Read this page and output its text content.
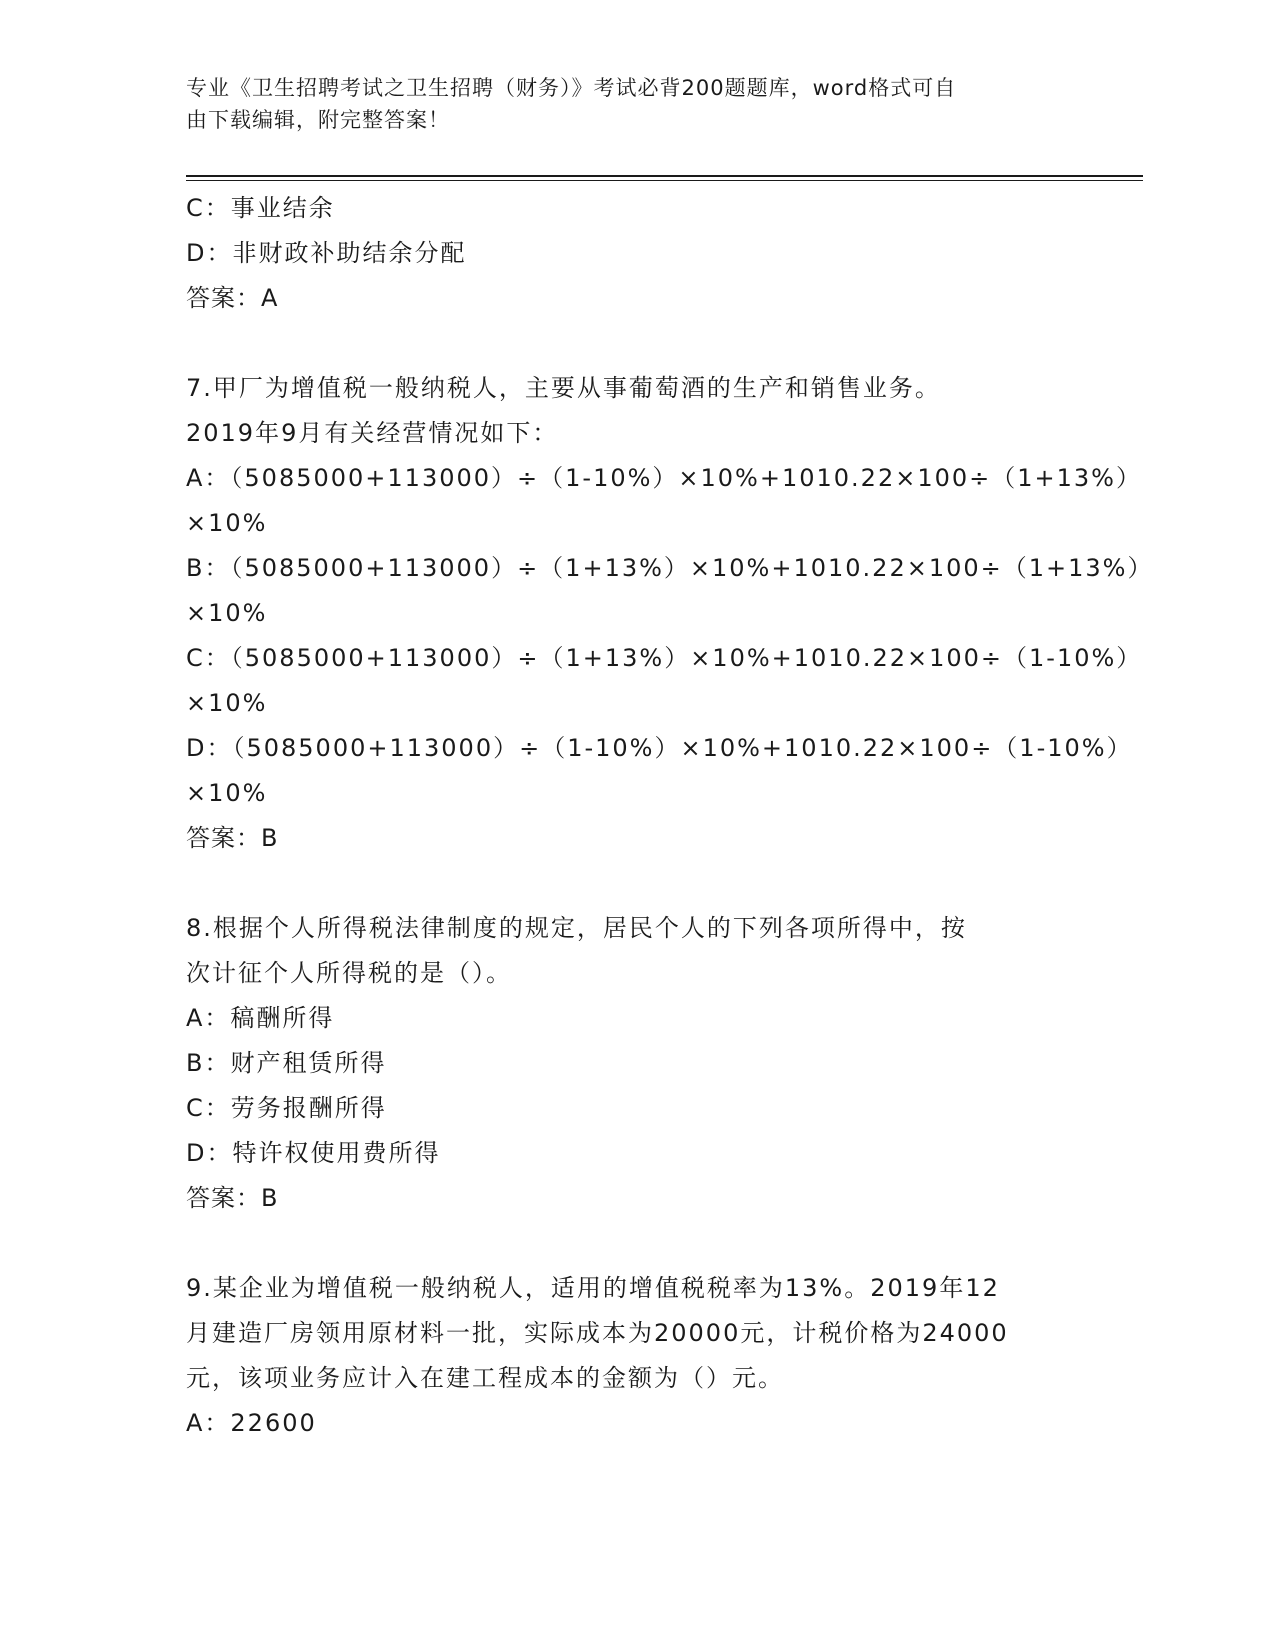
专业《卫生招聘考试之卫生招聘（财务）》考试必背200题题库，word格式可自
由下载编辑，附完整答案！
C：事业结余
D：非财政补助结余分配
答案：A
7.甲厂为增值税一般纳税人，主要从事葡萄酒的生产和销售业务。
2019年9月有关经营情况如下：
A：（5085000+113000）÷（1-10%）×10%+1010.22×100÷（1+13%）
×10%
B：（5085000+113000）÷（1+13%）×10%+1010.22×100÷（1+13%）
×10%
C：（5085000+113000）÷（1+13%）×10%+1010.22×100÷（1-10%）
×10%
D：（5085000+113000）÷（1-10%）×10%+1010.22×100÷（1-10%）
×10%
答案：B
8.根据个人所得税法律制度的规定，居民个人的下列各项所得中，按
次计征个人所得税的是（）。
A：稿酬所得
B：财产租赁所得
C：劳务报酬所得
D：特许权使用费所得
答案：B
9.某企业为增值税一般纳税人，适用的增值税税率为13%。2019年12
月建造厂房领用原材料一批，实际成本为20000元，计税价格为24000
元，该项业务应计入在建工程成本的金额为（）元。
A：22600
